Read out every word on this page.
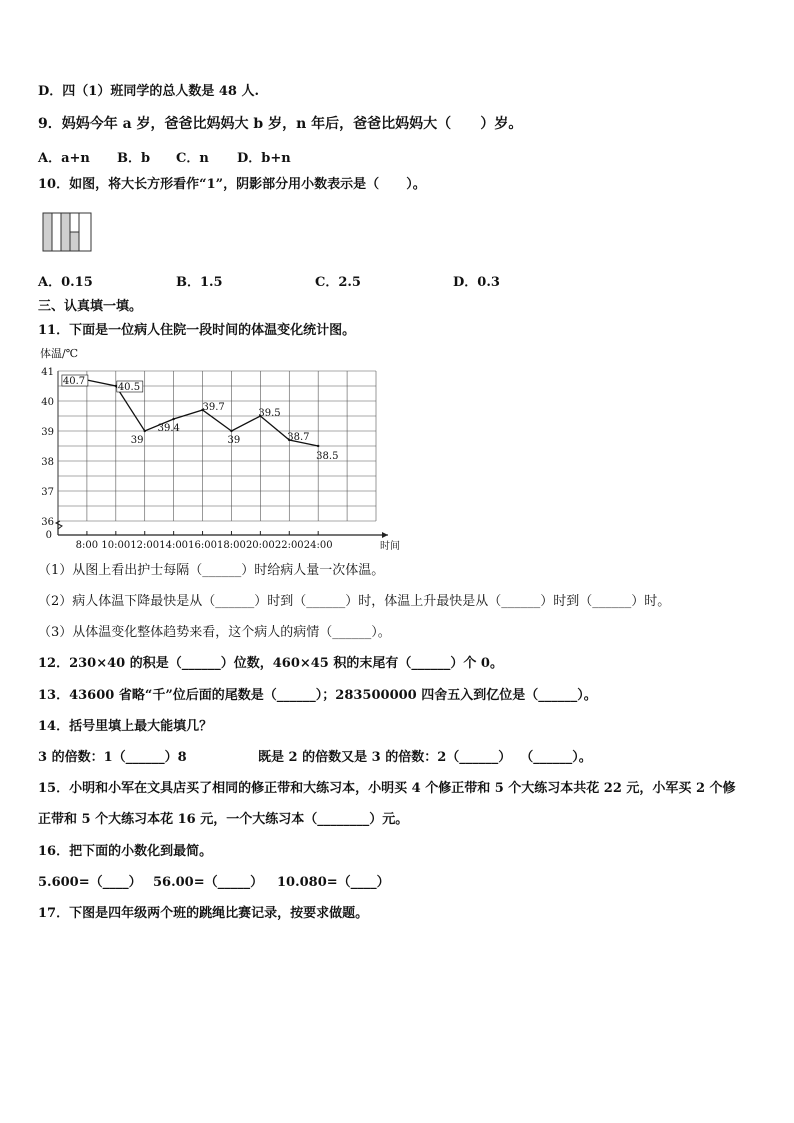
D．四（1）班同学的总人数是 48 人.
9．妈妈今年 a 岁，爸爸比妈妈大 b 岁，n 年后，爸爸比妈妈大（      ）岁。
A．a+n B．b C．n D．b+n
10．如图，将大长方形看作“1”，阴影部分用小数表示是（      ）。
A．0.15	B．1.5	C．2.5	D．0.3
三、认真填一填。
11．下面是一位病人住院一段时间的体温变化统计图。
8:00 10:00 12:00 14:00 16:00 18:00 20:00 22:00 24:00
36
37
38
39
40
41
0
体温/℃
时间
40.7
40.5
39
39.4
39.7
39
39.5
38.7
38.5
（1）从图上看出护士每隔（______）时给病人量一次体温。
（2）病人体温下降最快是从（______）时到（______）时，体温上升最快是从（______）时到（______）时。
（3）从体温变化整体趋势来看，这个病人的病情（______）。
12．230×40 的积是（______）位数，460×45 积的末尾有（______）个 0。
13．43600 省略“千”位后面的尾数是（______）；283500000 四舍五入到亿位是（______）。
14．括号里填上最大能填几？
3 的倍数：1（______）8	既是 2 的倍数又是 3 的倍数：2（______）  （______）。
15．小明和小军在文具店买了相同的修正带和大练习本，小明买 4 个修正带和 5 个大练习本共花 22 元，小军买 2 个修
正带和 5 个大练习本花 16 元，一个大练习本（________）元。
16．把下面的小数化到最简。
5.600=（____） 56.00=（_____） 10.080=（____）
17．下图是四年级两个班的跳绳比赛记录，按要求做题。
